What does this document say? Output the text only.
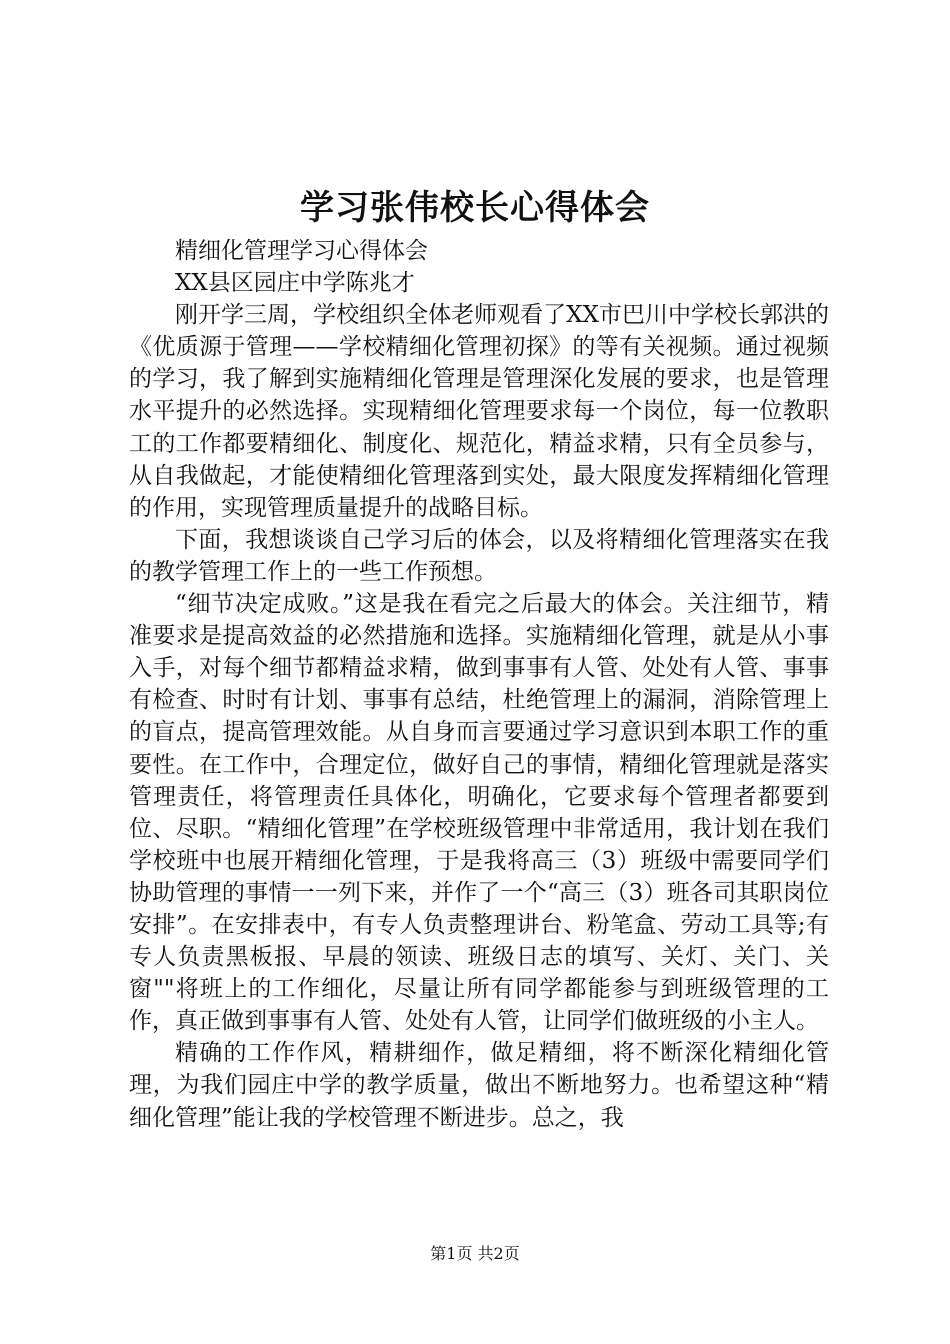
学习张伟校长心得体会

精细化管理学习心得体会

XX县区园庄中学陈兆才

刚开学三周，学校组织全体老师观看了XX市巴川中学校长郭洪的《优质源于管理——学校精细化管理初探》的等有关视频。通过视频的学习，我了解到实施精细化管理是管理深化发展的要求，也是管理水平提升的必然选择。实现精细化管理要求每一个岗位，每一位教职工的工作都要精细化、制度化、规范化，精益求精，只有全员参与，从自我做起，才能使精细化管理落到实处，最大限度发挥精细化管理的作用，实现管理质量提升的战略目标。

下面，我想谈谈自己学习后的体会，以及将精细化管理落实在我的教学管理工作上的一些工作预想。

“细节决定成败。”这是我在看完之后最大的体会。关注细节，精准要求是提高效益的必然措施和选择。实施精细化管理，就是从小事入手，对每个细节都精益求精，做到事事有人管、处处有人管、事事有检查、时时有计划、事事有总结，杜绝管理上的漏洞，消除管理上的盲点，提高管理效能。从自身而言要通过学习意识到本职工作的重要性。在工作中，合理定位，做好自己的事情，精细化管理就是落实管理责任，将管理责任具体化，明确化，它要求每个管理者都要到位、尽职。“精细化管理”在学校班级管理中非常适用，我计划在我们学校班中也展开精细化管理，于是我将高三（3）班级中需要同学们协助管理的事情一一列下来，并作了一个“高三（3）班各司其职岗位安排”。在安排表中，有专人负责整理讲台、粉笔盒、劳动工具等;有专人负责黑板报、早晨的领读、班级日志的填写、关灯、关门、关窗""将班上的工作细化，尽量让所有同学都能参与到班级管理的工作，真正做到事事有人管、处处有人管，让同学们做班级的小主人。

精确的工作作风，精耕细作，做足精细，将不断深化精细化管理，为我们园庄中学的教学质量，做出不断地努力。也希望这种“精细化管理”能让我的学校管理不断进步。总之，我

第1页 共2页
